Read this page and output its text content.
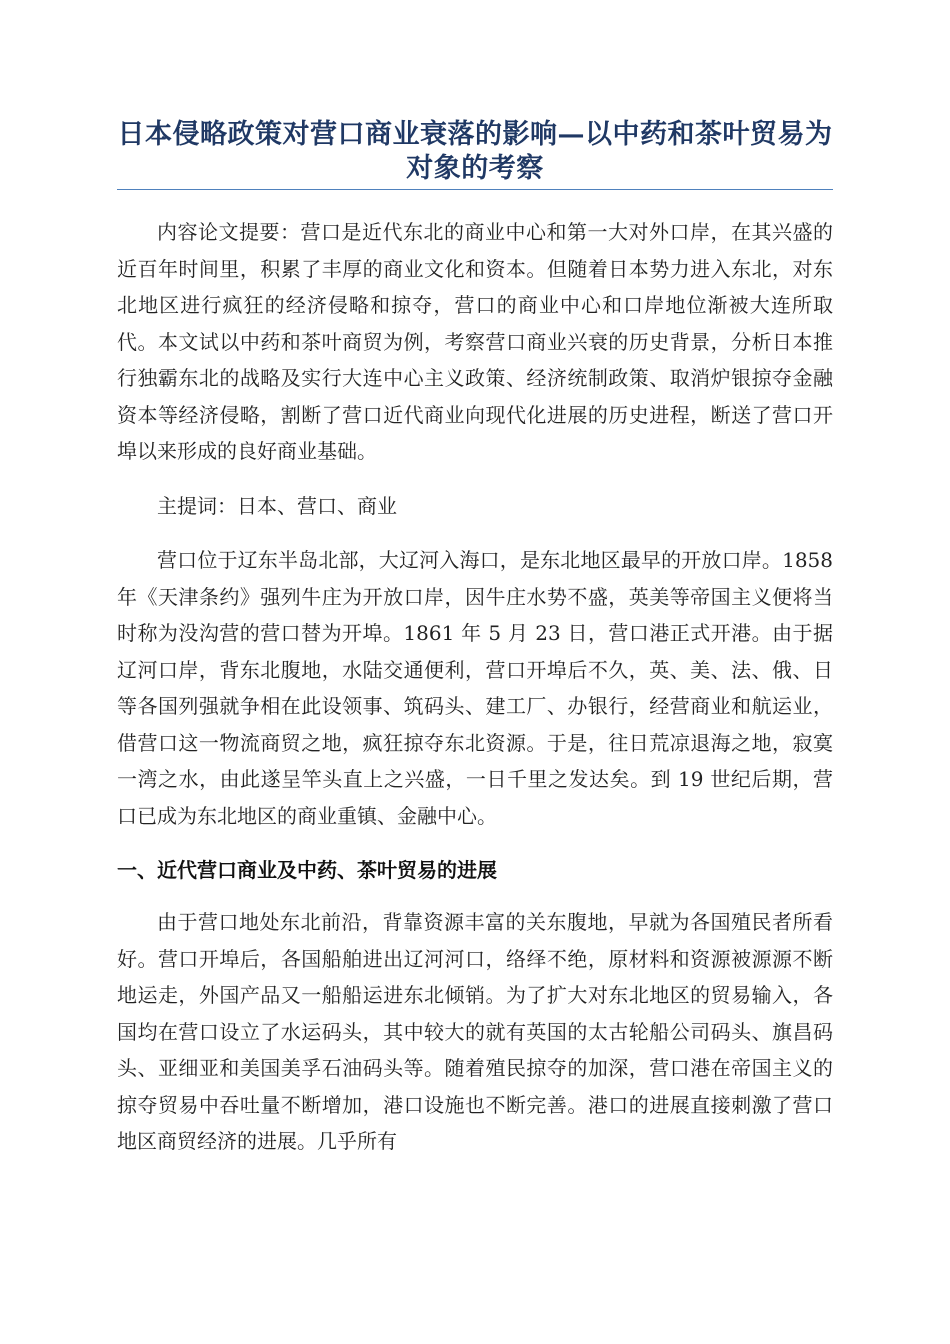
日本侵略政策对营口商业衰落的影响—以中药和茶叶贸易为对象的考察

内容论文提要：营口是近代东北的商业中心和第一大对外口岸，在其兴盛的近百年时间里，积累了丰厚的商业文化和资本。但随着日本势力进入东北，对东北地区进行疯狂的经济侵略和掠夺，营口的商业中心和口岸地位渐被大连所取代。本文试以中药和茶叶商贸为例，考察营口商业兴衰的历史背景，分析日本推行独霸东北的战略及实行大连中心主义政策、经济统制政策、取消炉银掠夺金融资本等经济侵略，割断了营口近代商业向现代化进展的历史进程，断送了营口开埠以来形成的良好商业基础。

主提词：日本、营口、商业

营口位于辽东半岛北部，大辽河入海口，是东北地区最早的开放口岸。1858 年《天津条约》强列牛庄为开放口岸，因牛庄水势不盛，英美等帝国主义便将当时称为没沟营的营口替为开埠。1861 年 5 月 23 日，营口港正式开港。由于据辽河口岸，背东北腹地，水陆交通便利，营口开埠后不久，英、美、法、俄、日等各国列强就争相在此设领事、筑码头、建工厂、办银行，经营商业和航运业，借营口这一物流商贸之地，疯狂掠夺东北资源。于是，往日荒凉退海之地，寂寞一湾之水，由此遂呈竿头直上之兴盛，一日千里之发达矣。到 19 世纪后期，营口已成为东北地区的商业重镇、金融中心。

一、近代营口商业及中药、茶叶贸易的进展

由于营口地处东北前沿，背靠资源丰富的关东腹地，早就为各国殖民者所看好。营口开埠后，各国船舶进出辽河河口，络绎不绝，原材料和资源被源源不断地运走，外国产品又一船船运进东北倾销。为了扩大对东北地区的贸易输入，各国均在营口设立了水运码头，其中较大的就有英国的太古轮船公司码头、旗昌码头、亚细亚和美国美孚石油码头等。随着殖民掠夺的加深，营口港在帝国主义的掠夺贸易中吞吐量不断增加，港口设施也不断完善。港口的进展直接刺激了营口地区商贸经济的进展。几乎所有
